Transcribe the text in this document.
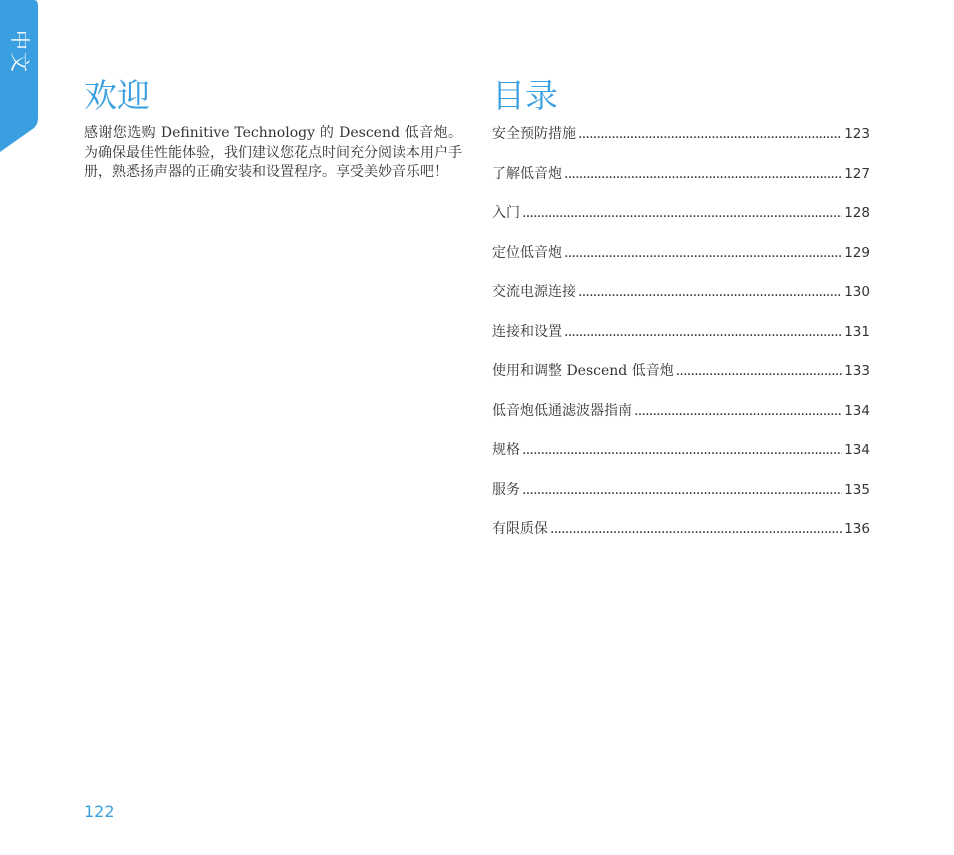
中文
欢迎

感谢您选购 Definitive Technology 的 Descend 低音炮。为确保最佳性能体验，我们建议您花点时间充分阅读本用户手册，熟悉扬声器的正确安装和设置程序。享受美妙音乐吧！

目录
安全预防措施 . . .	123
了解低音炮 . . .	127
入门 . . .	128
定位低音炮 . . .	129
交流电源连接 . . .	130
连接和设置 . . .	131
使用和调整 Descend 低音炮 . . .	133
低音炮低通滤波器指南 . . .	134
规格 . . .	134
服务 . . .	135
有限质保 . . .	136
122
